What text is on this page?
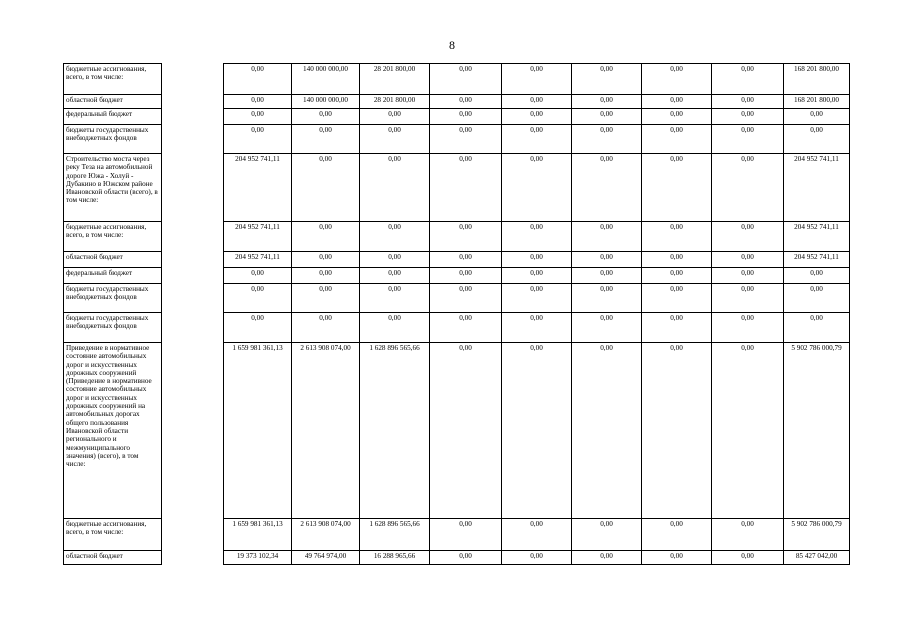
8
бюджетные ассигнования, всего, в том числе:		0,00	140 000 000,00	28 201 800,00	0,00	0,00	0,00	0,00	0,00	168 201 800,00
областной бюджет		0,00	140 000 000,00	28 201 800,00	0,00	0,00	0,00	0,00	0,00	168 201 800,00
федеральный бюджет		0,00	0,00	0,00	0,00	0,00	0,00	0,00	0,00	0,00
бюджеты государственных внебюджетных фондов		0,00	0,00	0,00	0,00	0,00	0,00	0,00	0,00	0,00
Строительство моста через реку Теза на автомобильной дороге Южа - Холуй - Дубакино в Южском районе Ивановской области (всего), в том числе:		204 952 741,11	0,00	0,00	0,00	0,00	0,00	0,00	0,00	204 952 741,11
бюджетные ассигнования, всего, в том числе:		204 952 741,11	0,00	0,00	0,00	0,00	0,00	0,00	0,00	204 952 741,11
областной бюджет		204 952 741,11	0,00	0,00	0,00	0,00	0,00	0,00	0,00	204 952 741,11
федеральный бюджет		0,00	0,00	0,00	0,00	0,00	0,00	0,00	0,00	0,00
бюджеты государственных внебюджетных фондов		0,00	0,00	0,00	0,00	0,00	0,00	0,00	0,00	0,00
бюджеты государственных внебюджетных фондов		0,00	0,00	0,00	0,00	0,00	0,00	0,00	0,00	0,00
Приведение в нормативное состояние автомобильных дорог и искусственных дорожных сооружений (Приведение в нормативное состояние автомобильных дорог и искусственных дорожных сооружений на автомобильных дорогах общего пользования Ивановской области регионального и межмуниципального значения) (всего), в том числе:		1 659 981 361,13	2 613 908 074,00	1 628 896 565,66	0,00	0,00	0,00	0,00	0,00	5 902 786 000,79
бюджетные ассигнования, всего, в том числе:		1 659 981 361,13	2 613 908 074,00	1 628 896 565,66	0,00	0,00	0,00	0,00	0,00	5 902 786 000,79
областной бюджет		19 373 102,34	49 764 974,00	16 288 965,66	0,00	0,00	0,00	0,00	0,00	85 427 042,00
